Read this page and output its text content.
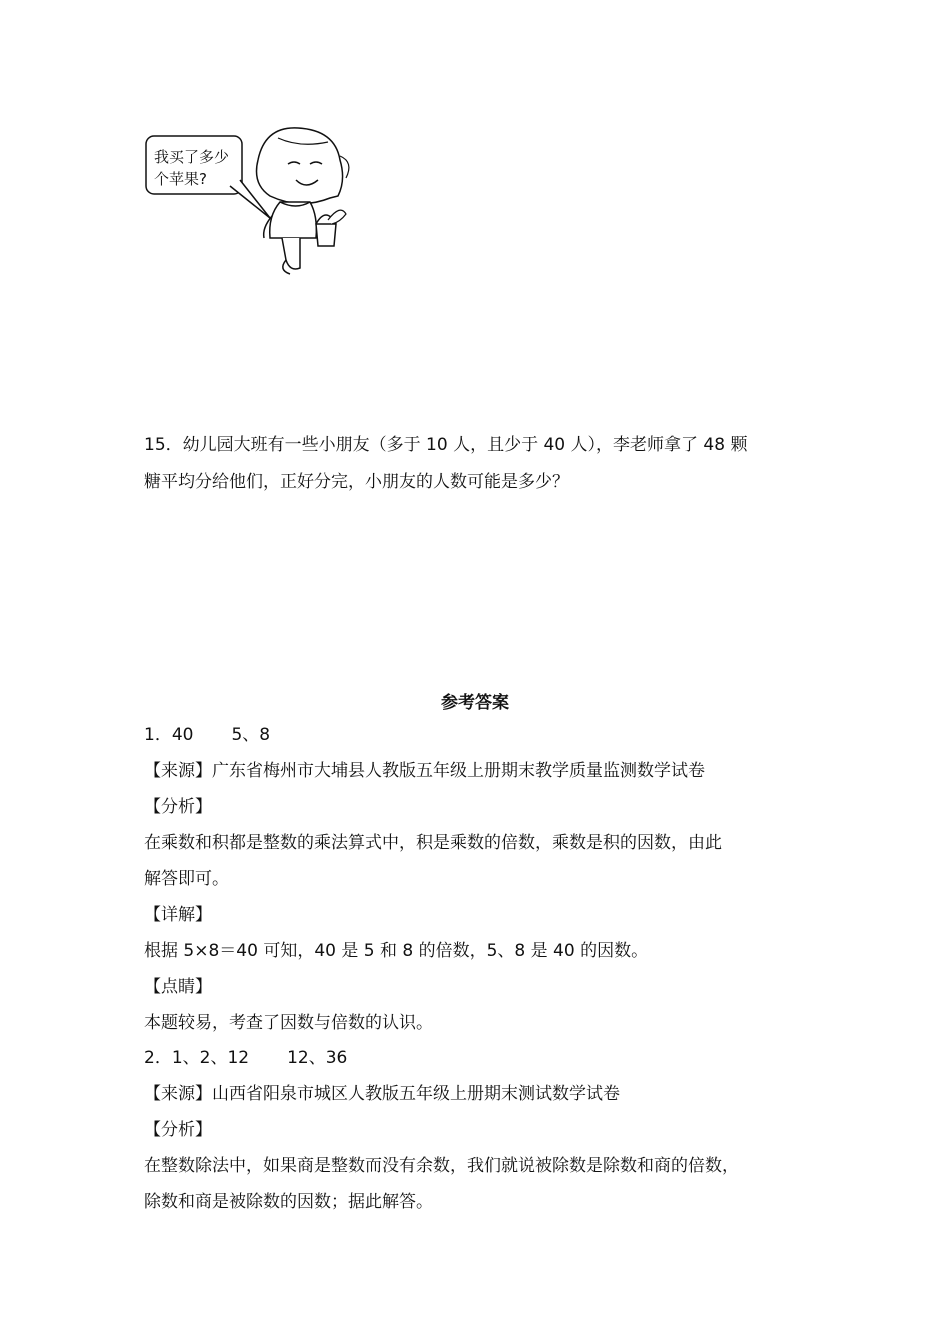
我买了多少
个苹果?
15．幼儿园大班有一些小朋友（多于 10 人，且少于 40 人），李老师拿了 48 颗
糖平均分给他们，正好分完，小朋友的人数可能是多少？
参考答案
1．40 5、8
【来源】广东省梅州市大埔县人教版五年级上册期末教学质量监测数学试卷
【分析】
在乘数和积都是整数的乘法算式中，积是乘数的倍数，乘数是积的因数，由此
解答即可。
【详解】
根据 5×8＝40 可知，40 是 5 和 8 的倍数，5、8 是 40 的因数。
【点睛】
本题较易，考查了因数与倍数的认识。
2．1、2、12 12、36
【来源】山西省阳泉市城区人教版五年级上册期末测试数学试卷
【分析】
在整数除法中，如果商是整数而没有余数，我们就说被除数是除数和商的倍数，
除数和商是被除数的因数；据此解答。
